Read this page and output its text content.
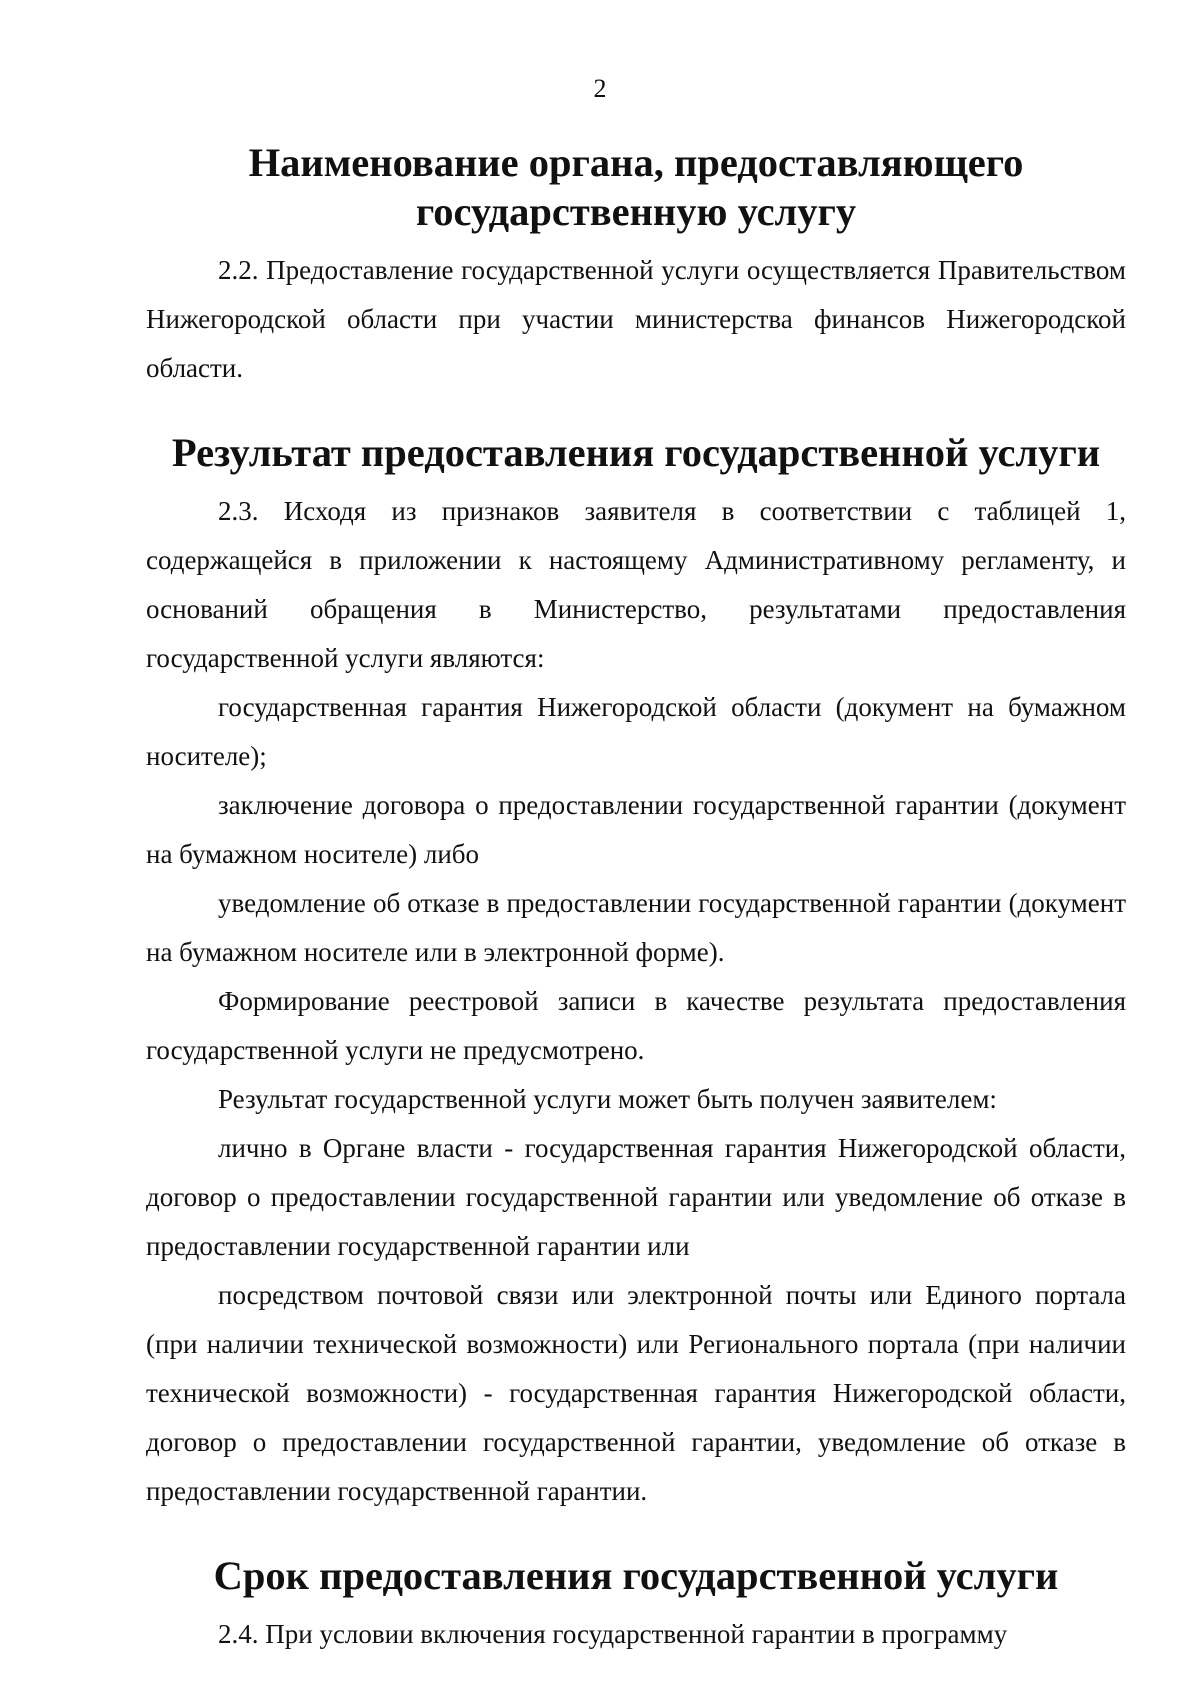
2
Наименование органа, предоставляющего государственную услугу

2.2. Предоставление государственной услуги осуществляется Правительством Нижегородской области при участии министерства финансов Нижегородской области.

Результат предоставления государственной услуги

2.3. Исходя из признаков заявителя в соответствии с таблицей 1, содержащейся в приложении к настоящему Административному регламенту, и оснований обращения в Министерство, результатами предоставления государственной услуги являются:

государственная гарантия Нижегородской области (документ на бумажном носителе);

заключение договора о предоставлении государственной гарантии (документ на бумажном носителе) либо

уведомление об отказе в предоставлении государственной гарантии (документ на бумажном носителе или в электронной форме).

Формирование реестровой записи в качестве результата предоставления государственной услуги не предусмотрено.

Результат государственной услуги может быть получен заявителем:

лично в Органе власти - государственная гарантия Нижегородской области, договор о предоставлении государственной гарантии или уведомление об отказе в предоставлении государственной гарантии или

посредством почтовой связи или электронной почты или Единого портала (при наличии технической возможности) или Регионального портала (при наличии технической возможности) - государственная гарантия Нижегородской области, договор о предоставлении государственной гарантии, уведомление об отказе в предоставлении государственной гарантии.

Срок предоставления государственной услуги

2.4. При условии включения государственной гарантии в программу
